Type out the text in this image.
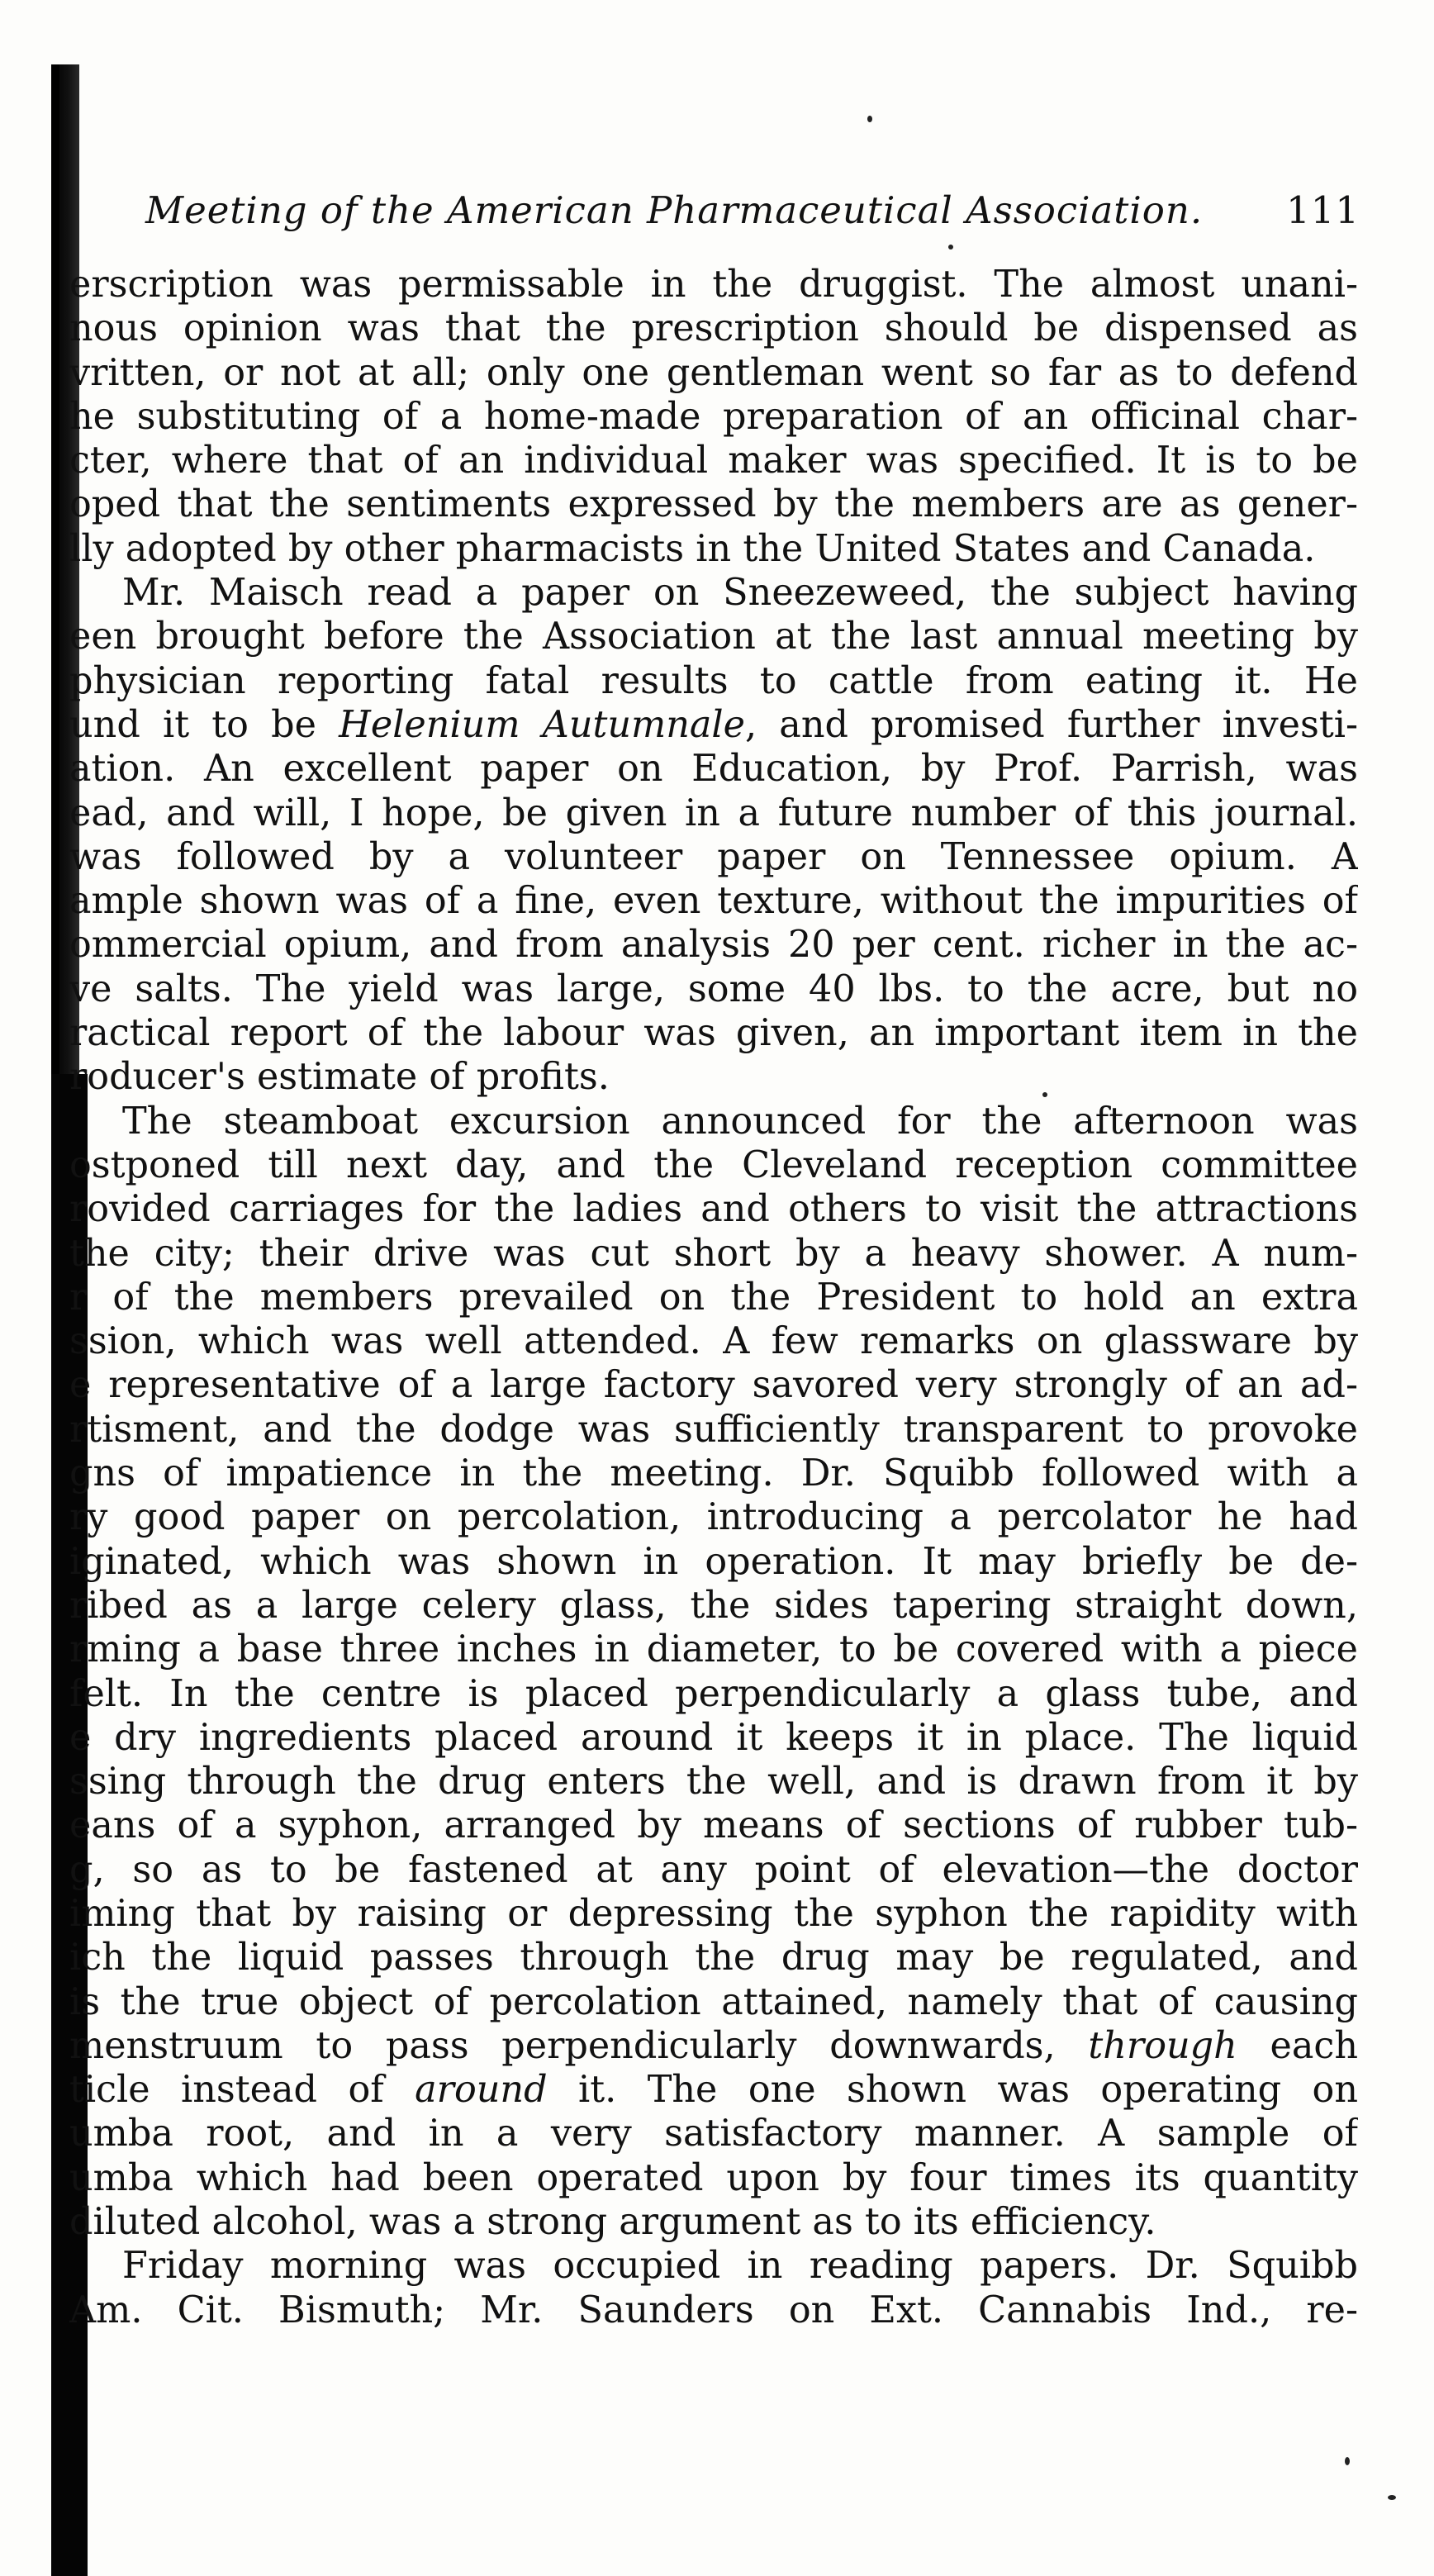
Meeting of the American Pharmaceutical Association. 111
erscription was permissable in the druggist. The almost unani-
nous opinion was that the prescription should be dispensed as
vritten, or not at all; only one gentleman went so far as to defend
he substituting of a home-made preparation of an officinal char-
cter, where that of an individual maker was specified. It is to be
oped that the sentiments expressed by the members are as gener-
lly adopted by other pharmacists in the United States and Canada.
Mr. Maisch read a paper on Sneezeweed, the subject having
een brought before the Association at the last annual meeting by
physician reporting fatal results to cattle from eating it. He
und it to be Helenium Autumnale, and promised further investi-
ation. An excellent paper on Education, by Prof. Parrish, was
ead, and will, I hope, be given in a future number of this journal.
was followed by a volunteer paper on Tennessee opium. A
ample shown was of a fine, even texture, without the impurities of
ommercial opium, and from analysis 20 per cent. richer in the ac-
ve salts. The yield was large, some 40 lbs. to the acre, but no
ractical report of the labour was given, an important item in the
roducer's estimate of profits.
The steamboat excursion announced for the afternoon was
ostponed till next day, and the Cleveland reception committee
rovided carriages for the ladies and others to visit the attractions
the city; their drive was cut short by a heavy shower. A num-
r of the members prevailed on the President to hold an extra
ssion, which was well attended. A few remarks on glassware by
e representative of a large factory savored very strongly of an ad-
rtisment, and the dodge was sufficiently transparent to provoke
gns of impatience in the meeting. Dr. Squibb followed with a
ry good paper on percolation, introducing a percolator he had
iginated, which was shown in operation. It may briefly be de-
ribed as a large celery glass, the sides tapering straight down,
rming a base three inches in diameter, to be covered with a piece
felt. In the centre is placed perpendicularly a glass tube, and
e dry ingredients placed around it keeps it in place. The liquid
ssing through the drug enters the well, and is drawn from it by
eans of a syphon, arranged by means of sections of rubber tub-
g, so as to be fastened at any point of elevation—the doctor
iming that by raising or depressing the syphon the rapidity with
ich the liquid passes through the drug may be regulated, and
is the true object of percolation attained, namely that of causing
menstruum to pass perpendicularly downwards, through each
ticle instead of around it. The one shown was operating on
umba root, and in a very satisfactory manner. A sample of
umba which had been operated upon by four times its quantity
diluted alcohol, was a strong argument as to its efficiency.
Friday morning was occupied in reading papers. Dr. Squibb
Am. Cit. Bismuth; Mr. Saunders on Ext. Cannabis Ind., re-
